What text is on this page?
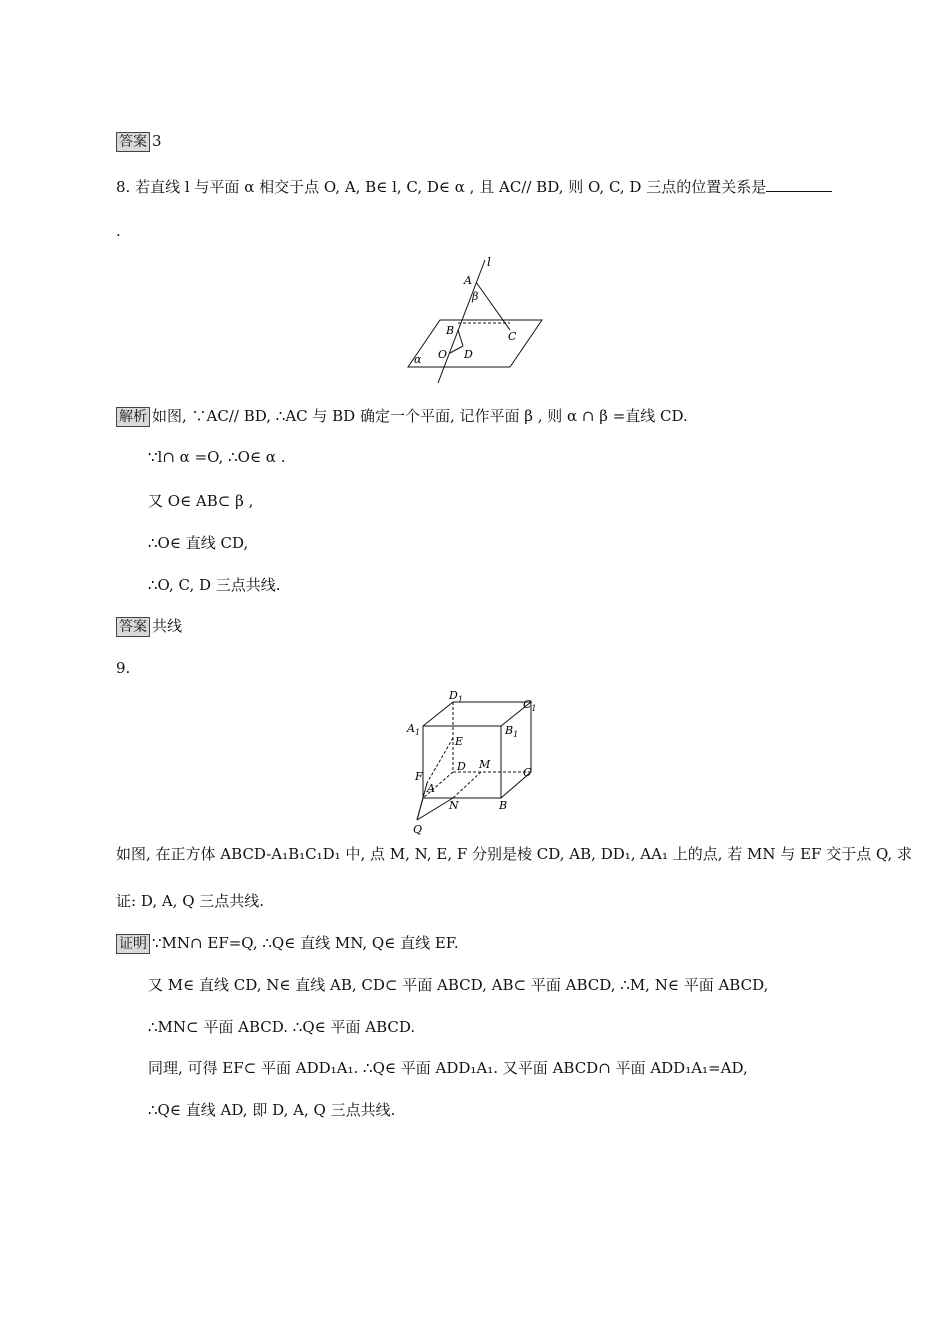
答案 3
8. 若直线 l 与平面 α 相交于点 O, A, B∈ l, C, D∈ α , 且 AC// BD, 则 O, C, D 三点的位置关系是
.
l
A
β
B	C
O D
α
解析 如图, ∵AC// BD, ∴AC 与 BD 确定一个平面, 记作平面 β , 则 α ∩ β =直线 CD.
∵l∩ α =O, ∴O∈ α .
又 O∈ AB⊂ β ,
∴O∈ 直线 CD,
∴O, C, D 三点共线.
答案 共线
9.
$D_1$	$C_1$
$A_1$	$B_1$
E
D M
C
F
A
N	B
Q
如图, 在正方体 ABCD-A₁B₁C₁D₁ 中, 点 M, N, E, F 分别是棱 CD, AB, DD₁, AA₁ 上的点, 若 MN 与 EF 交于点 Q, 求
证: D, A, Q 三点共线.
证明 ∵MN∩ EF=Q, ∴Q∈ 直线 MN, Q∈ 直线 EF.
又 M∈ 直线 CD, N∈ 直线 AB, CD⊂ 平面 ABCD, AB⊂ 平面 ABCD, ∴M, N∈ 平面 ABCD,
∴MN⊂ 平面 ABCD. ∴Q∈ 平面 ABCD.
同理, 可得 EF⊂ 平面 ADD₁A₁. ∴Q∈ 平面 ADD₁A₁. 又平面 ABCD∩ 平面 ADD₁A₁=AD,
∴Q∈ 直线 AD, 即 D, A, Q 三点共线.
